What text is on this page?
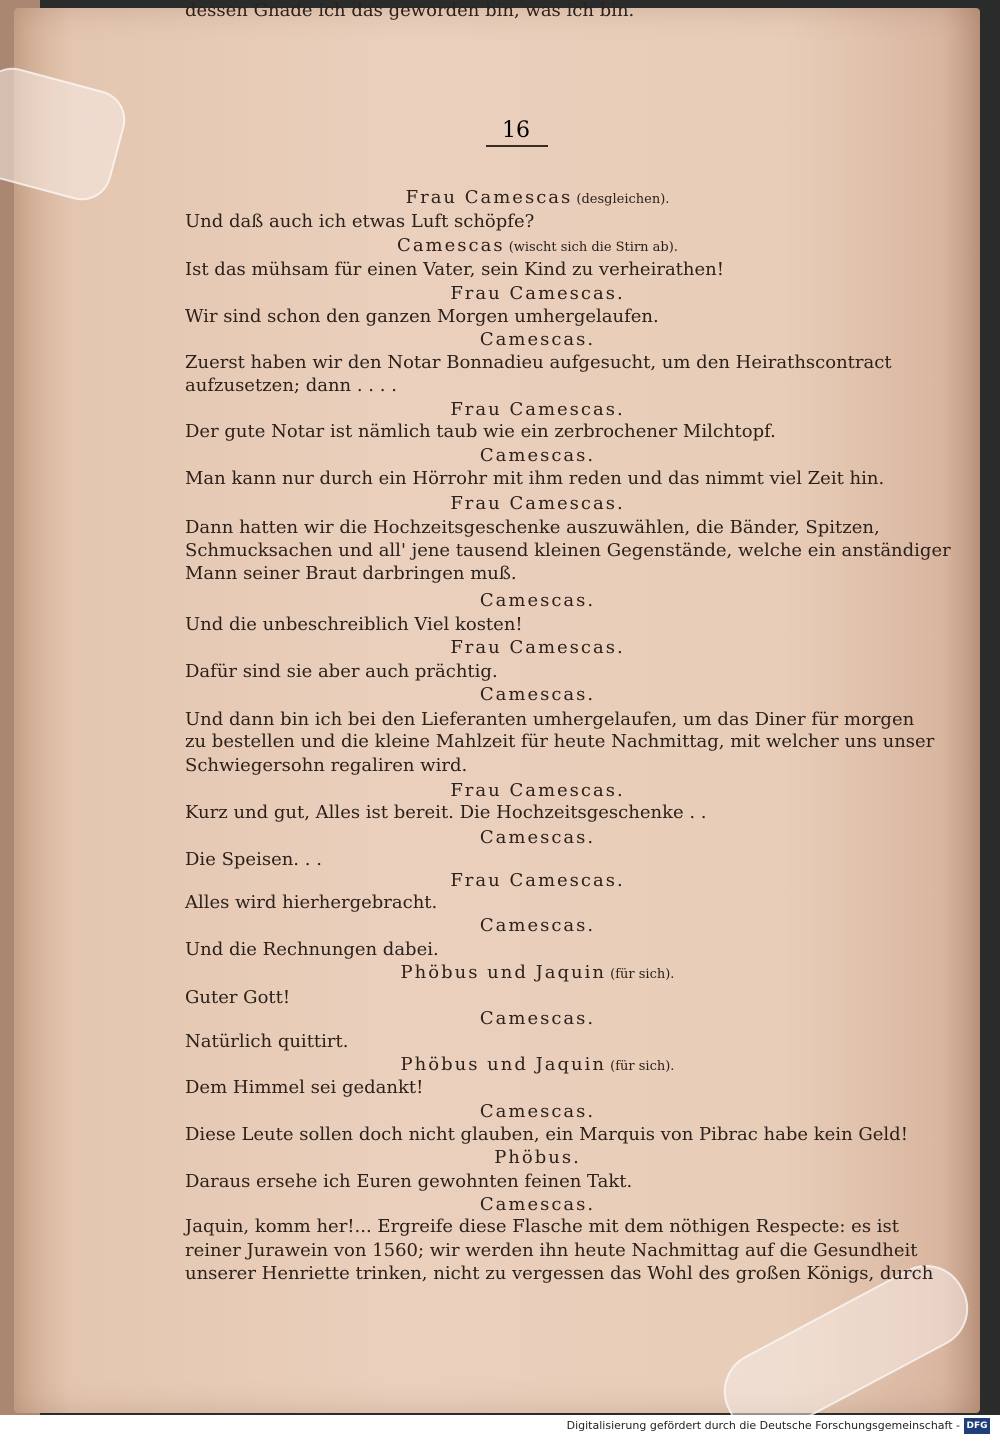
16
Frau Camescas (desgleichen).
Und daß auch ich etwas Luft schöpfe?
Camescas (wischt sich die Stirn ab).
Ist das mühsam für einen Vater, sein Kind zu verheirathen!
Frau Camescas.
Wir sind schon den ganzen Morgen umhergelaufen.
Camescas.
Zuerst haben wir den Notar Bonnadieu aufgesucht, um den Heirathscontract
aufzusetzen; dann . . . .
Frau Camescas.
Der gute Notar ist nämlich taub wie ein zerbrochener Milchtopf.
Camescas.
Man kann nur durch ein Hörrohr mit ihm reden und das nimmt viel Zeit hin.
Frau Camescas.
Dann hatten wir die Hochzeitsgeschenke auszuwählen, die Bänder, Spitzen,
Schmucksachen und all' jene tausend kleinen Gegenstände, welche ein anständiger
Mann seiner Braut darbringen muß.
Camescas.
Und die unbeschreiblich Viel kosten!
Frau Camescas.
Dafür sind sie aber auch prächtig.
Camescas.
Und dann bin ich bei den Lieferanten umhergelaufen, um das Diner für morgen
zu bestellen und die kleine Mahlzeit für heute Nachmittag, mit welcher uns unser
Schwiegersohn regaliren wird.
Frau Camescas.
Kurz und gut, Alles ist bereit. Die Hochzeitsgeschenke . .
Camescas.
Die Speisen. . .
Frau Camescas.
Alles wird hierhergebracht.
Camescas.
Und die Rechnungen dabei.
Phöbus und Jaquin (für sich).
Guter Gott!
Camescas.
Natürlich quittirt.
Phöbus und Jaquin (für sich).
Dem Himmel sei gedankt!
Camescas.
Diese Leute sollen doch nicht glauben, ein Marquis von Pibrac habe kein Geld!
Phöbus.
Daraus ersehe ich Euren gewohnten feinen Takt.
Camescas.
Jaquin, komm her!... Ergreife diese Flasche mit dem nöthigen Respecte: es ist
reiner Jurawein von 1560; wir werden ihn heute Nachmittag auf die Gesundheit
unserer Henriette trinken, nicht zu vergessen das Wohl des großen Königs, durch
dessen Gnade ich das geworden bin, was ich bin.
Digitalisierung gefördert durch die Deutsche Forschungsgemeinschaft - DFG
